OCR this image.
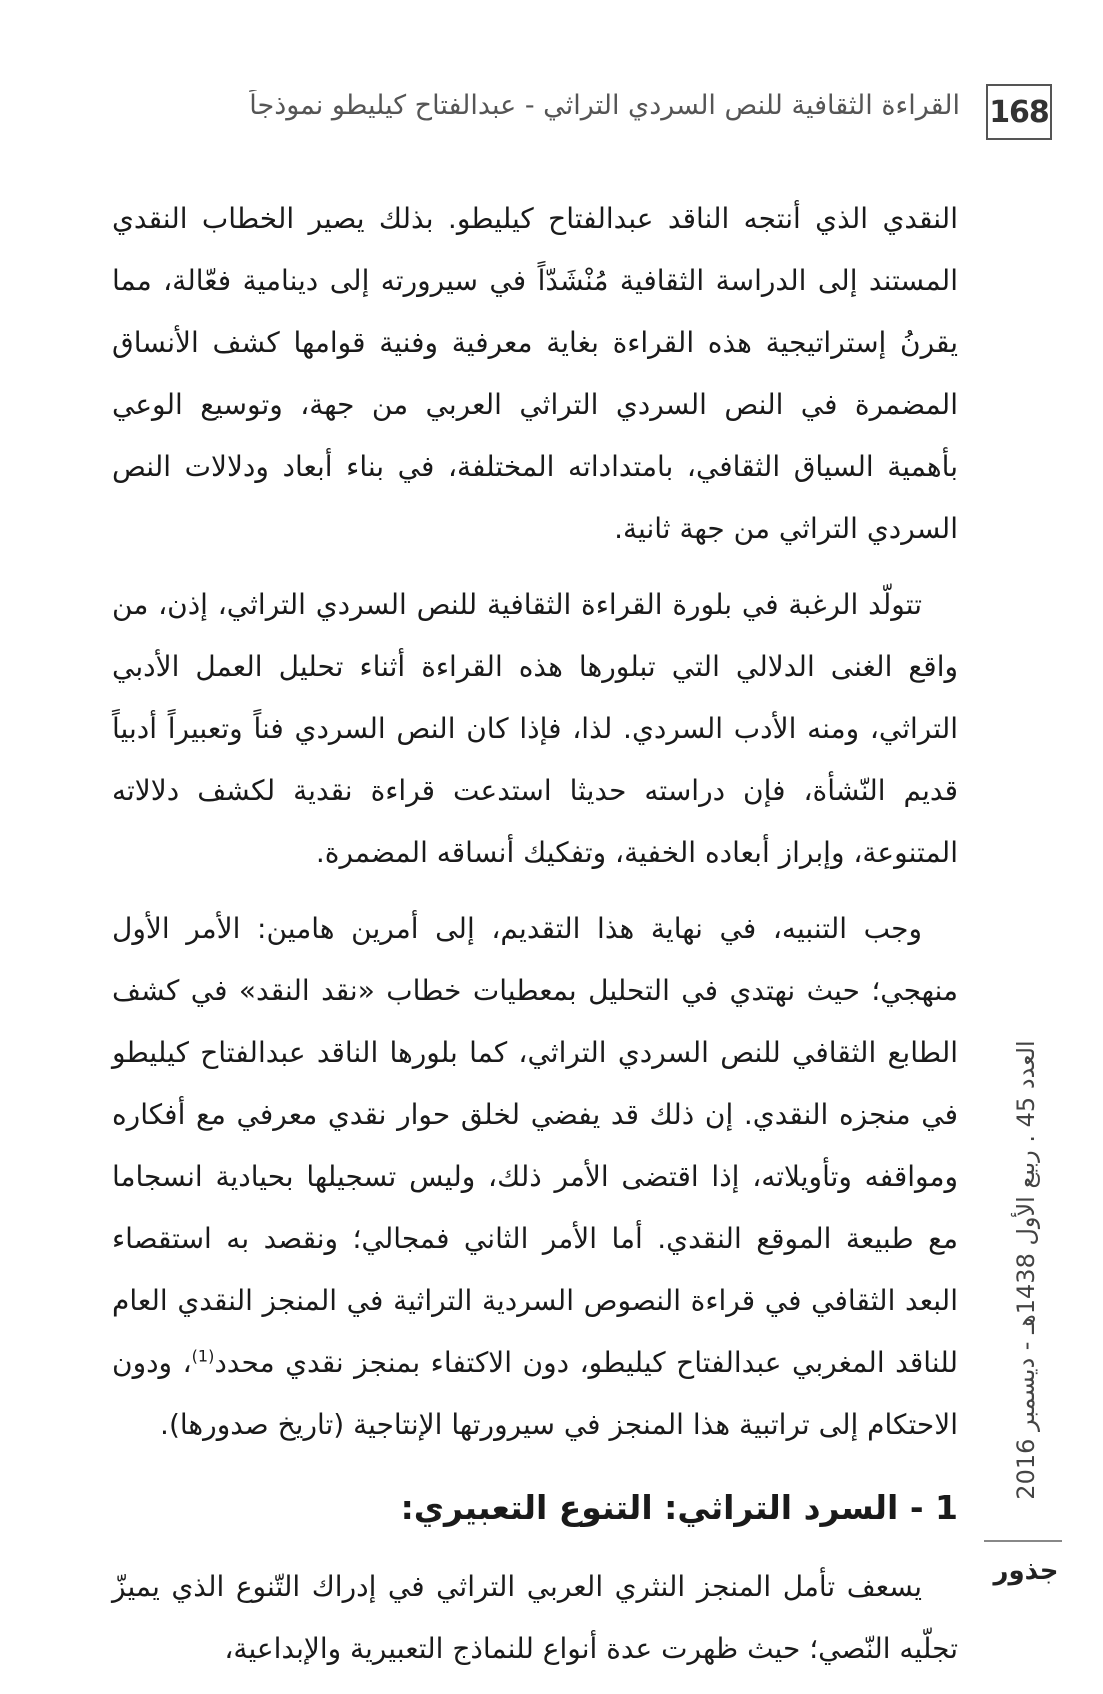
القراءة الثقافية للنص السردي التراثي - عبدالفتاح كيليطو نموذجاً 168

النقدي الذي أنتجه الناقد عبدالفتاح كيليطو. بذلك يصير الخطاب النقدي المستند إلى الدراسة الثقافية مُنْشَدّاً في سيرورته إلى دينامية فعّالة، مما يقرنُ إستراتيجية هذه القراءة بغاية معرفية وفنية قوامها كشف الأنساق المضمرة في النص السردي التراثي العربي من جهة، وتوسيع الوعي بأهمية السياق الثقافي، بامتداداته المختلفة، في بناء أبعاد ودلالات النص السردي التراثي من جهة ثانية.

تتولّد الرغبة في بلورة القراءة الثقافية للنص السردي التراثي، إذن، من واقع الغنى الدلالي التي تبلورها هذه القراءة أثناء تحليل العمل الأدبي التراثي، ومنه الأدب السردي. لذا، فإذا كان النص السردي فناً وتعبيراً أدبياً قديم النّشأة، فإن دراسته حديثا استدعت قراءة نقدية لكشف دلالاته المتنوعة، وإبراز أبعاده الخفية، وتفكيك أنساقه المضمرة.

وجب التنبيه، في نهاية هذا التقديم، إلى أمرين هامين: الأمر الأول منهجي؛ حيث نهتدي في التحليل بمعطيات خطاب «نقد النقد» في كشف الطابع الثقافي للنص السردي التراثي، كما بلورها الناقد عبدالفتاح كيليطو في منجزه النقدي. إن ذلك قد يفضي لخلق حوار نقدي معرفي مع أفكاره ومواقفه وتأويلاته، إذا اقتضى الأمر ذلك، وليس تسجيلها بحيادية انسجاما مع طبيعة الموقع النقدي. أما الأمر الثاني فمجالي؛ ونقصد به استقصاء البعد الثقافي في قراءة النصوص السردية التراثية في المنجز النقدي العام للناقد المغربي عبدالفتاح كيليطو، دون الاكتفاء بمنجز نقدي محدد$^{(1)}$، ودون الاحتكام إلى تراتبية هذا المنجز في سيرورتها الإنتاجية (تاريخ صدورها).

1 - السرد التراثي: التنوع التعبيري:

يسعف تأمل المنجز النثري العربي التراثي في إدراك التّنوع الذي يميزّ تجلّيه النّصي؛ حيث ظهرت عدة أنواع للنماذج التعبيرية والإبداعية،

العدد 45 . ربيع الأول 1438هـ - ديسمبر 2016
جذور
